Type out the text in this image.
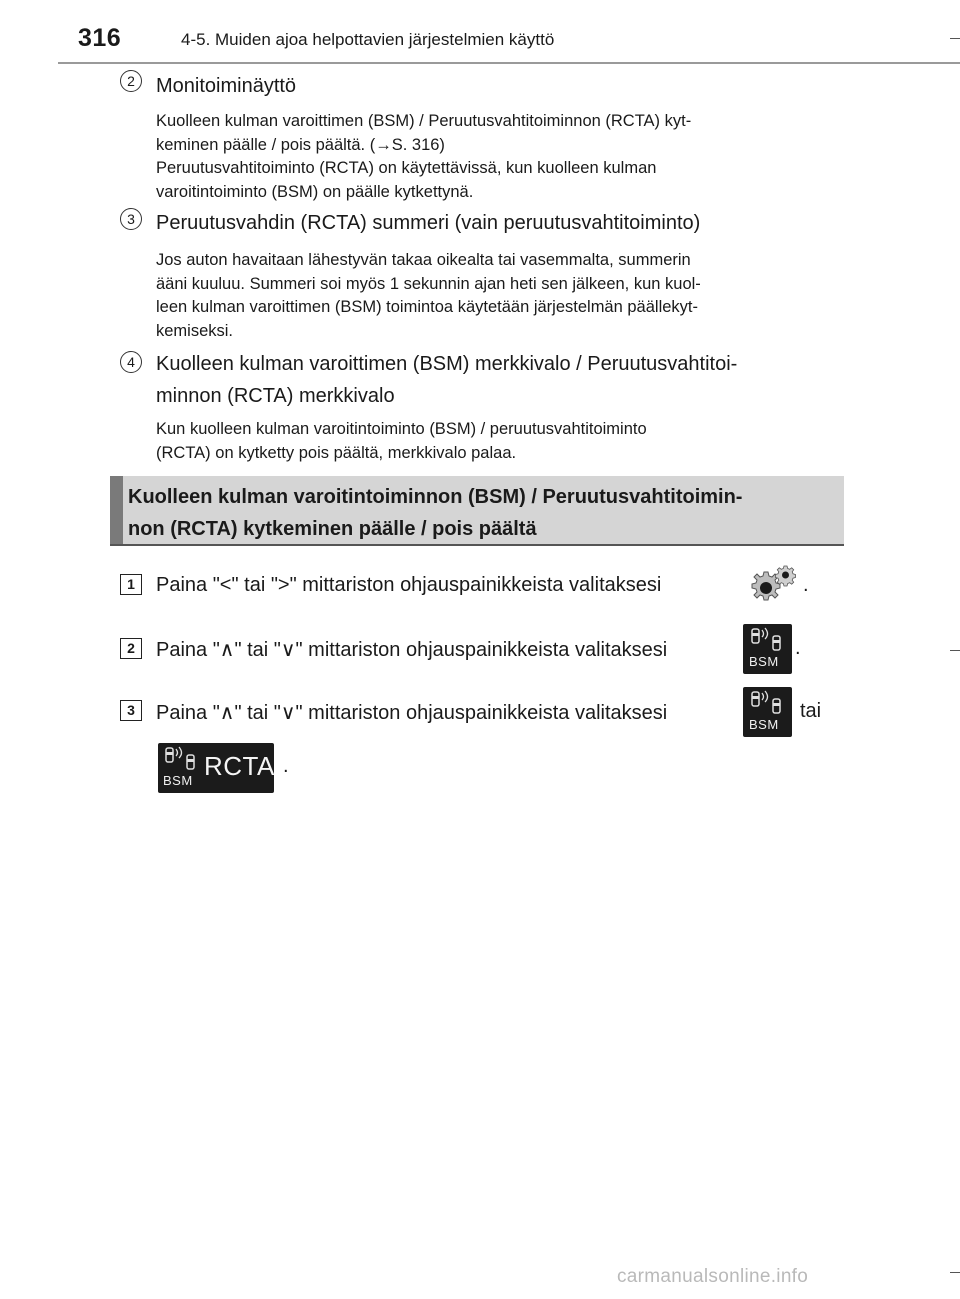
316	4-5. Muiden ajoa helpottavien järjestelmien käyttö
2	Monitoiminäyttö
Kuolleen kulman varoittimen (BSM) / Peruutusvahtitoiminnon (RCTA) kyt-
keminen päälle / pois päältä. (→S. 316)
Peruutusvahtitoiminto (RCTA) on käytettävissä, kun kuolleen kulman
varoitintoiminto (BSM) on päälle kytkettynä.
3	Peruutusvahdin (RCTA) summeri (vain peruutusvahtitoiminto)
Jos auton havaitaan lähestyvän takaa oikealta tai vasemmalta, summerin
ääni kuuluu. Summeri soi myös 1 sekunnin ajan heti sen jälkeen, kun kuol-
leen kulman varoittimen (BSM) toimintoa käytetään järjestelmän päällekyt-
kemiseksi.
4	Kuolleen kulman varoittimen (BSM) merkkivalo / Peruutusvahtitoi-
minnon (RCTA) merkkivalo
Kun kuolleen kulman varoitintoiminto (BSM) / peruutusvahtitoiminto
(RCTA) on kytketty pois päältä, merkkivalo palaa.
Kuolleen kulman varoitintoiminnon (BSM) / Peruutusvahtitoimin-
non (RCTA) kytkeminen päälle / pois päältä
1	Paina "<" tai ">" mittariston ohjauspainikkeista valitaksesi	.
2	Paina "∧" tai "∨" mittariston ohjauspainikkeista valitaksesi
BSM
.
3	Paina "∧" tai "∨" mittariston ohjauspainikkeista valitaksesi
BSM
tai
BSM RCTA .
carmanualsonline.info
